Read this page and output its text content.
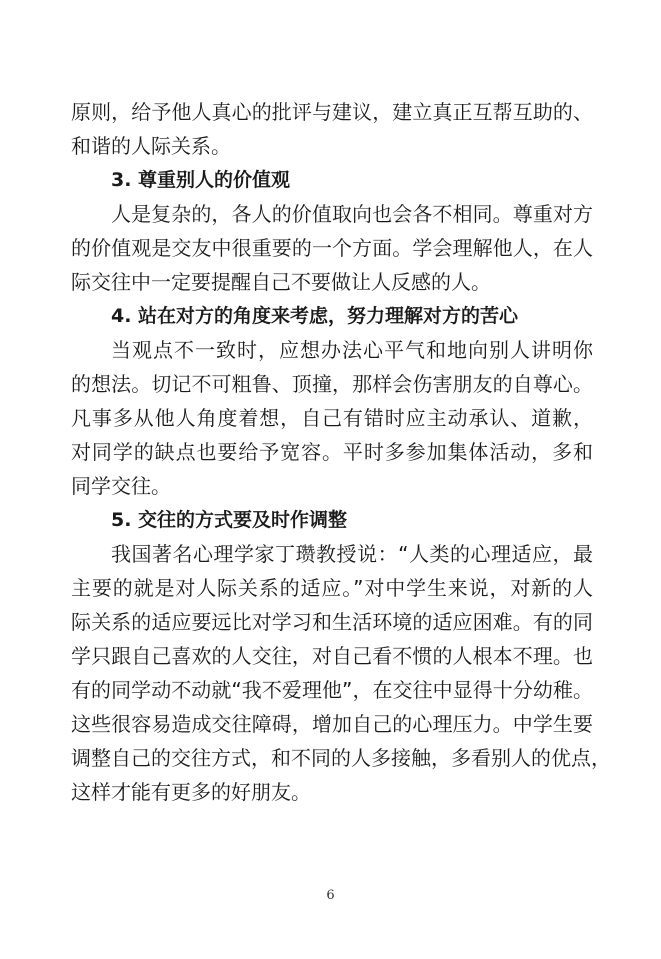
原则，给予他人真心的批评与建议，建立真正互帮互助的、
和谐的人际关系。
3. 尊重别人的价值观
人是复杂的，各人的价值取向也会各不相同。尊重对方
的价值观是交友中很重要的一个方面。学会理解他人，在人
际交往中一定要提醒自己不要做让人反感的人。
4. 站在对方的角度来考虑，努力理解对方的苦心
当观点不一致时，应想办法心平气和地向别人讲明你
的想法。切记不可粗鲁、顶撞，那样会伤害朋友的自尊心。
凡事多从他人角度着想，自己有错时应主动承认、道歉，
对同学的缺点也要给予宽容。平时多参加集体活动，多和
同学交往。
5. 交往的方式要及时作调整
我国著名心理学家丁瓒教授说：“人类的心理适应，最
主要的就是对人际关系的适应。”对中学生来说，对新的人
际关系的适应要远比对学习和生活环境的适应困难。有的同
学只跟自己喜欢的人交往，对自己看不惯的人根本不理。也
有的同学动不动就“我不爱理他”，在交往中显得十分幼稚。
这些很容易造成交往障碍，增加自己的心理压力。中学生要
调整自己的交往方式，和不同的人多接触，多看别人的优点，
这样才能有更多的好朋友。
6
